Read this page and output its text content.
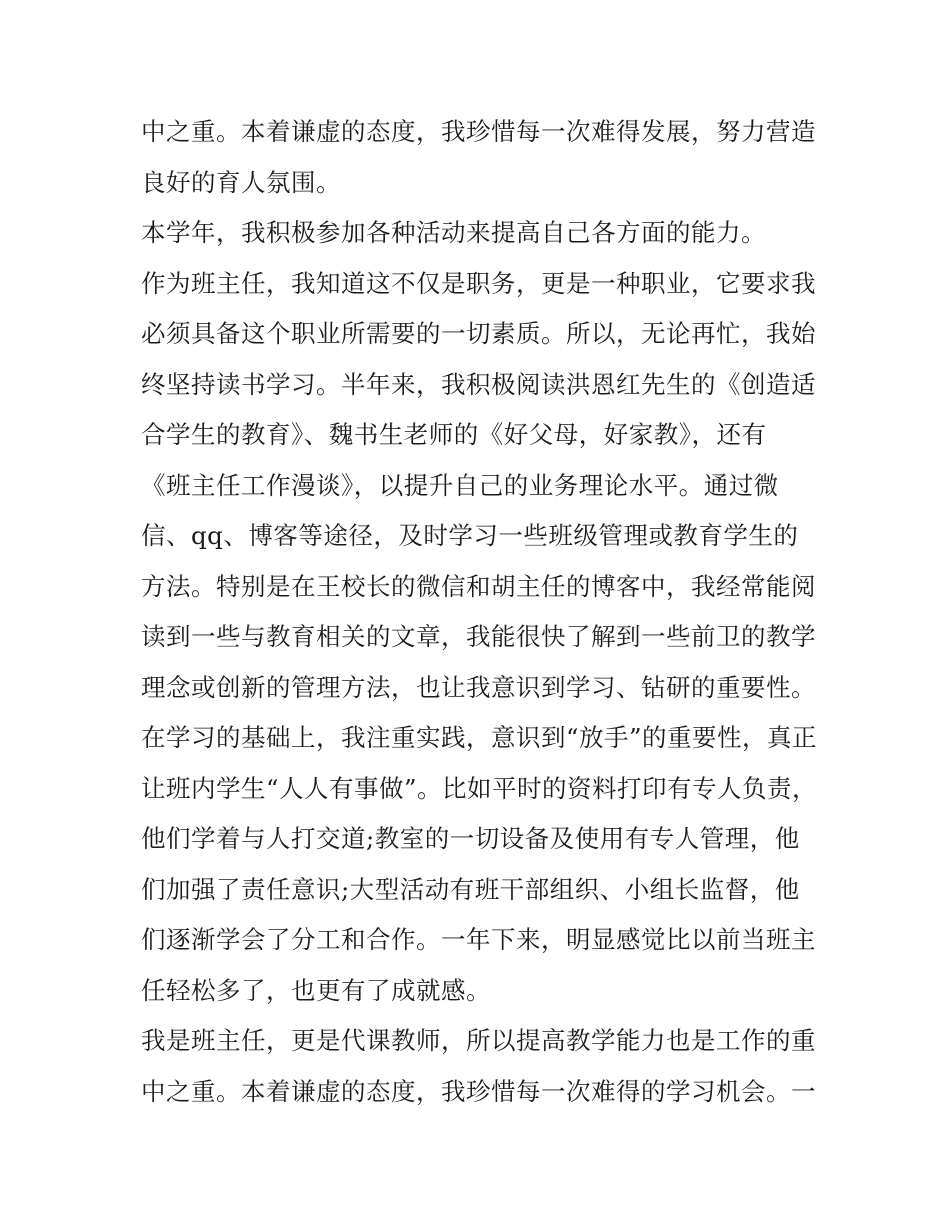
中之重。本着谦虚的态度，我珍惜每一次难得发展，努力营造
良好的育人氛围。
本学年，我积极参加各种活动来提高自己各方面的能力。
作为班主任，我知道这不仅是职务，更是一种职业，它要求我
必须具备这个职业所需要的一切素质。所以，无论再忙，我始
终坚持读书学习。半年来，我积极阅读洪恩红先生的《创造适
合学生的教育》、魏书生老师的《好父母，好家教》，还有
《班主任工作漫谈》，以提升自己的业务理论水平。通过微
信、qq、博客等途径，及时学习一些班级管理或教育学生的
方法。特别是在王校长的微信和胡主任的博客中，我经常能阅
读到一些与教育相关的文章，我能很快了解到一些前卫的教学
理念或创新的管理方法，也让我意识到学习、钻研的重要性。
在学习的基础上，我注重实践，意识到“放手”的重要性，真正
让班内学生“人人有事做”。比如平时的资料打印有专人负责，
他们学着与人打交道;教室的一切设备及使用有专人管理，他
们加强了责任意识;大型活动有班干部组织、小组长监督，他
们逐渐学会了分工和合作。一年下来，明显感觉比以前当班主
任轻松多了，也更有了成就感。
我是班主任，更是代课教师，所以提高教学能力也是工作的重
中之重。本着谦虚的态度，我珍惜每一次难得的学习机会。一
